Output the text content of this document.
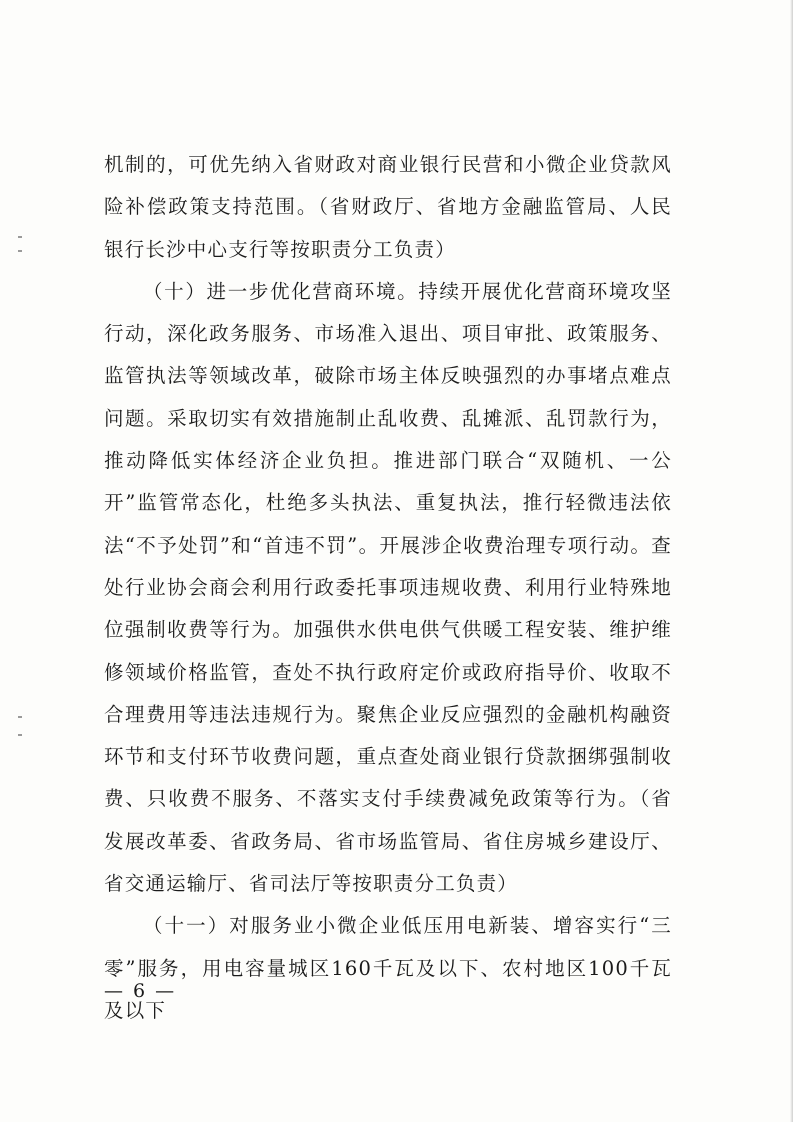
机制的，可优先纳入省财政对商业银行民营和小微企业贷款风险补偿政策支持范围。（省财政厅、省地方金融监管局、人民银行长沙中心支行等按职责分工负责）

（十）进一步优化营商环境。持续开展优化营商环境攻坚行动，深化政务服务、市场准入退出、项目审批、政策服务、监管执法等领域改革，破除市场主体反映强烈的办事堵点难点问题。采取切实有效措施制止乱收费、乱摊派、乱罚款行为，推动降低实体经济企业负担。推进部门联合“双随机、一公开”监管常态化，杜绝多头执法、重复执法，推行轻微违法依法“不予处罚”和“首违不罚”。开展涉企收费治理专项行动。查处行业协会商会利用行政委托事项违规收费、利用行业特殊地位强制收费等行为。加强供水供电供气供暖工程安装、维护维修领域价格监管，查处不执行政府定价或政府指导价、收取不合理费用等违法违规行为。聚焦企业反应强烈的金融机构融资环节和支付环节收费问题，重点查处商业银行贷款捆绑强制收费、只收费不服务、不落实支付手续费减免政策等行为。（省发展改革委、省政务局、省市场监管局、省住房城乡建设厅、省交通运输厅、省司法厅等按职责分工负责）

（十一）对服务业小微企业低压用电新装、增容实行“三零”服务，用电容量城区160千瓦及以下、农村地区100千瓦及以下

— 6 —
